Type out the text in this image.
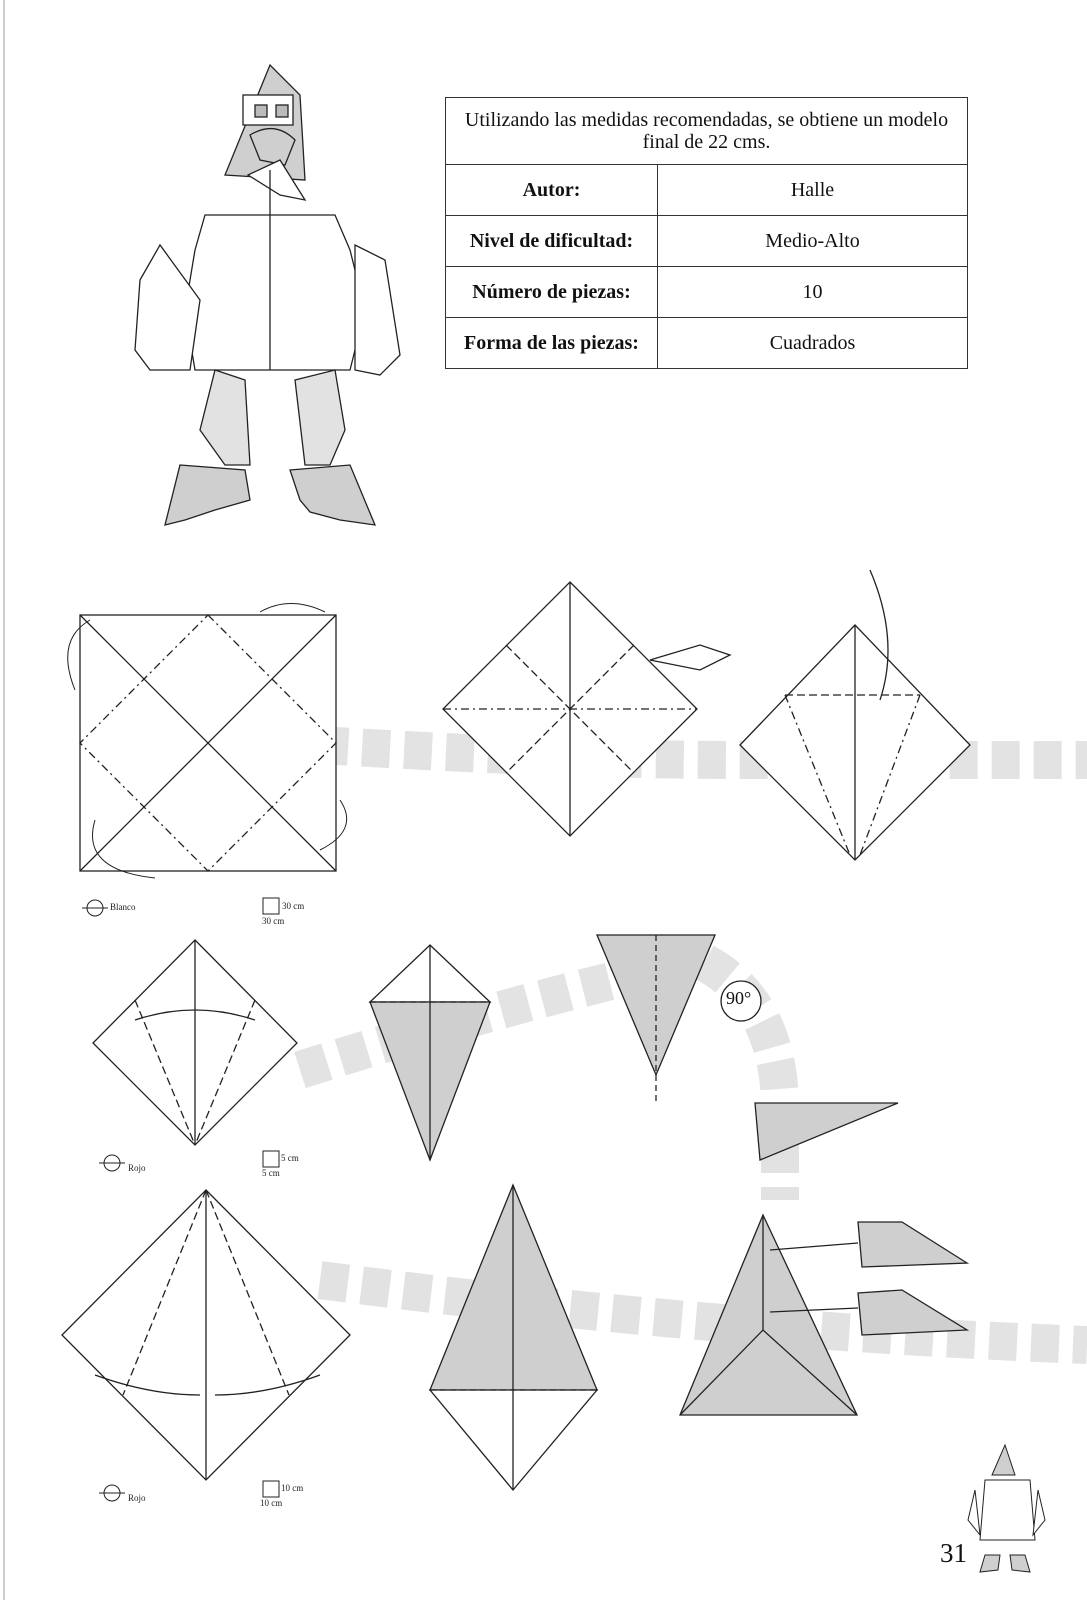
Utilizando las medidas recomendadas, se obtiene un modelo final de 22 cms.	
Autor:	Halle
Nivel de dificultad:	Medio-Alto
Número de piezas:	10
Forma de las piezas:	Cuadrados
Blanco	30 cm
30 cm
Rojo
5 cm
5 cm
Rojo
10 cm
10 cm
90°
31
